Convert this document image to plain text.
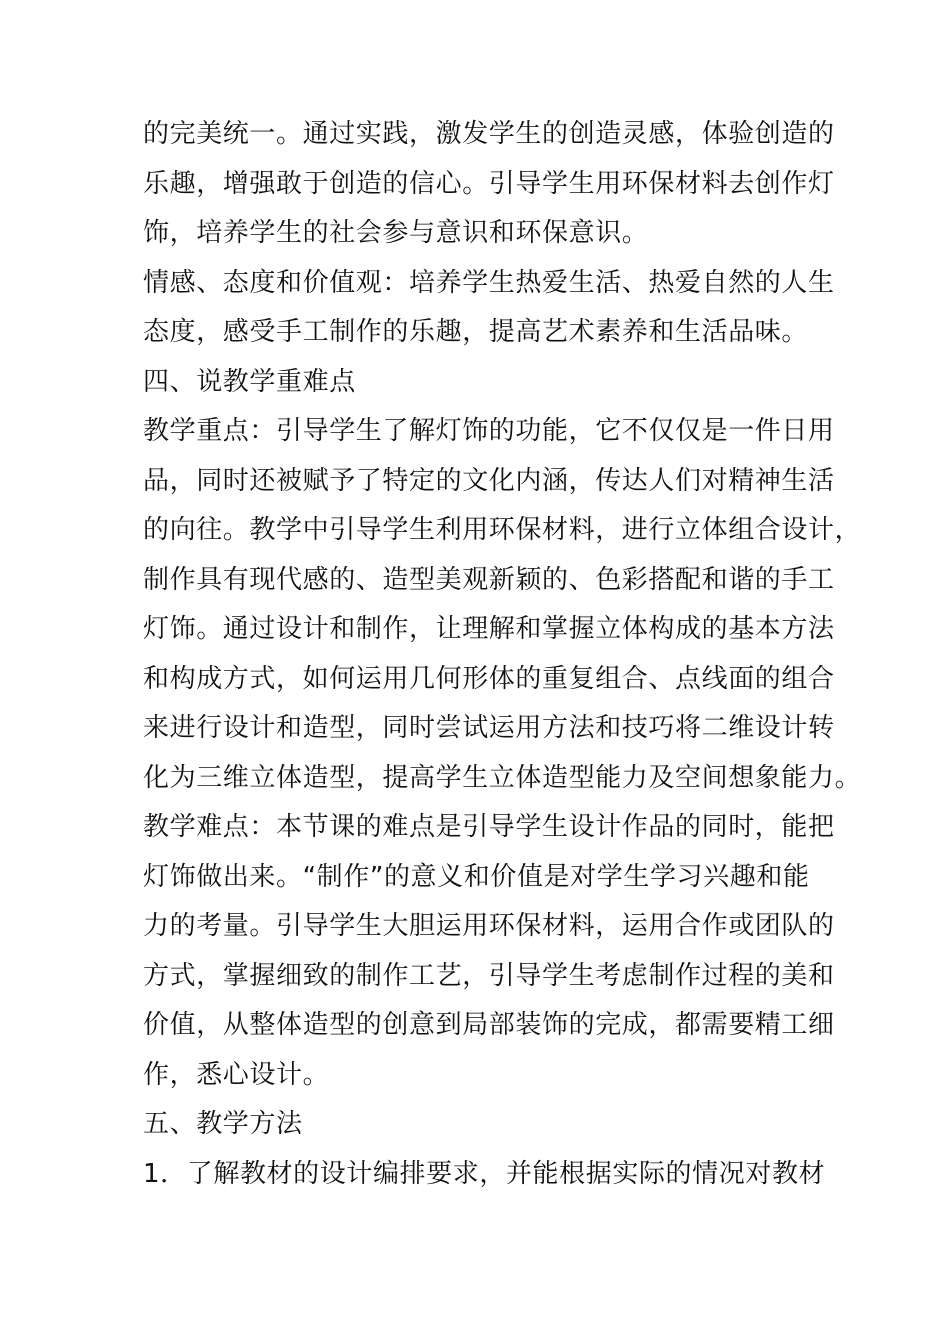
的完美统一。通过实践，激发学生的创造灵感，体验创造的
乐趣，增强敢于创造的信心。引导学生用环保材料去创作灯
饰，培养学生的社会参与意识和环保意识。
情感、态度和价值观：培养学生热爱生活、热爱自然的人生
态度，感受手工制作的乐趣，提高艺术素养和生活品味。
四、说教学重难点
教学重点：引导学生了解灯饰的功能，它不仅仅是一件日用
品，同时还被赋予了特定的文化内涵，传达人们对精神生活
的向往。教学中引导学生利用环保材料，进行立体组合设计，
制作具有现代感的、造型美观新颖的、色彩搭配和谐的手工
灯饰。通过设计和制作，让理解和掌握立体构成的基本方法
和构成方式，如何运用几何形体的重复组合、点线面的组合
来进行设计和造型，同时尝试运用方法和技巧将二维设计转
化为三维立体造型，提高学生立体造型能力及空间想象能力。
教学难点：本节课的难点是引导学生设计作品的同时，能把
灯饰做出来。“制作”的意义和价值是对学生学习兴趣和能
力的考量。引导学生大胆运用环保材料，运用合作或团队的
方式，掌握细致的制作工艺，引导学生考虑制作过程的美和
价值，从整体造型的创意到局部装饰的完成，都需要精工细
作，悉心设计。
五、教学方法
1．了解教材的设计编排要求，并能根据实际的情况对教材
